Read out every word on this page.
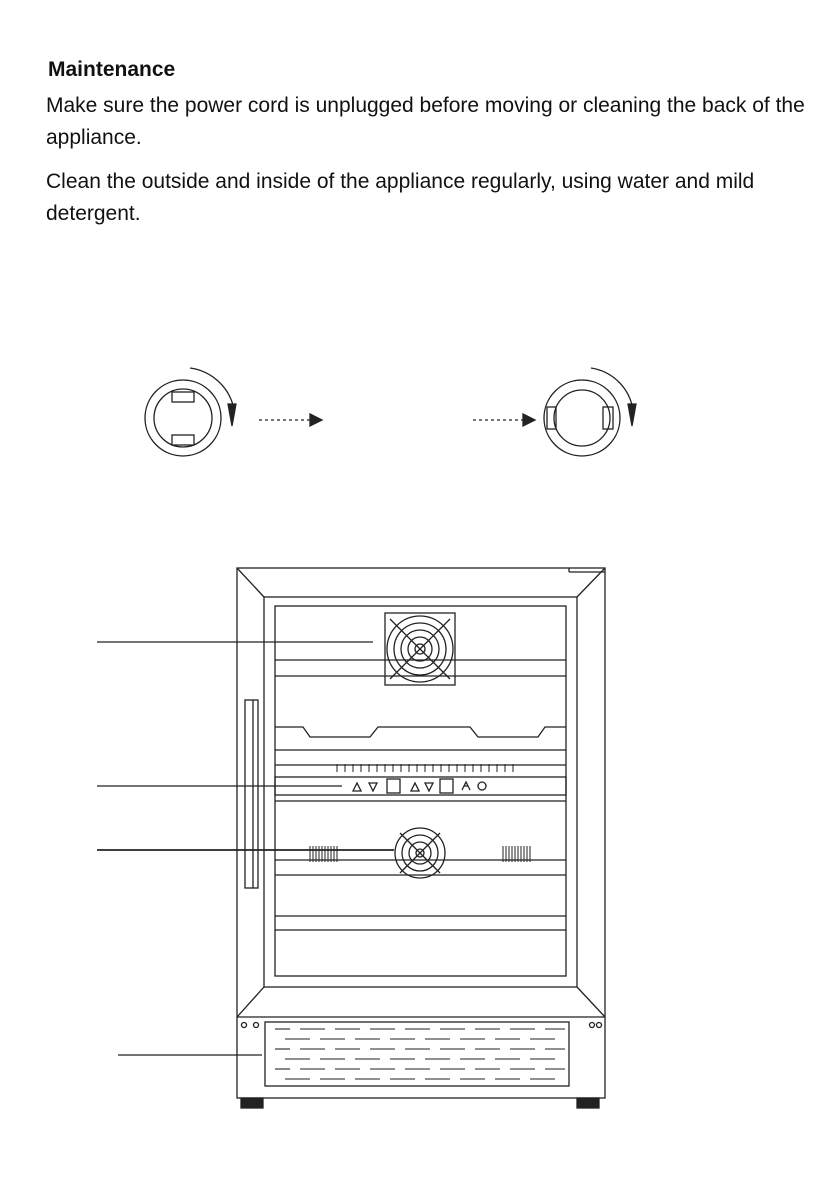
Maintenance
Make sure the power cord is unplugged before moving or cleaning the back of the appliance.
Clean the outside and inside of the appliance regularly, using water and mild detergent.
